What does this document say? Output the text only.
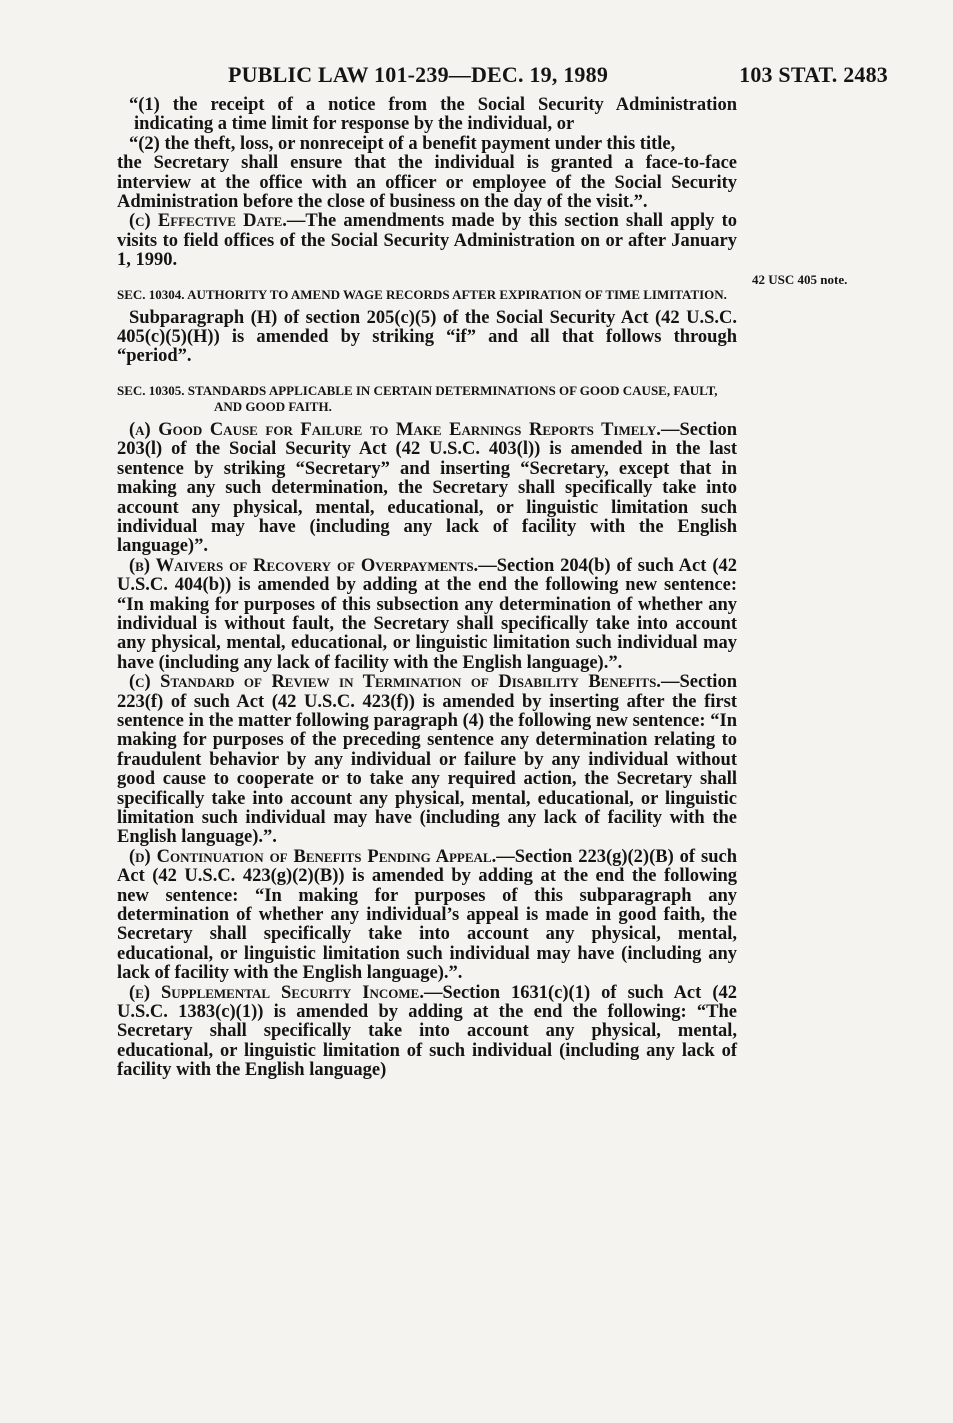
PUBLIC LAW 101-239—DEC. 19, 1989	103 STAT. 2483
42 USC 405 note.

“(1) the receipt of a notice from the Social Security Administration indicating a time limit for response by the individual, or

“(2) the theft, loss, or nonreceipt of a benefit payment under this title,

the Secretary shall ensure that the individual is granted a face-to-face interview at the office with an officer or employee of the Social Security Administration before the close of business on the day of the visit.”.

(c) Effective Date.—The amendments made by this section shall apply to visits to field offices of the Social Security Administration on or after January 1, 1990.

SEC. 10304. AUTHORITY TO AMEND WAGE RECORDS AFTER EXPIRATION OF TIME LIMITATION.

Subparagraph (H) of section 205(c)(5) of the Social Security Act (42 U.S.C. 405(c)(5)(H)) is amended by striking “if” and all that follows through “period”.

SEC. 10305. STANDARDS APPLICABLE IN CERTAIN DETERMINATIONS OF GOOD CAUSE, FAULT, AND GOOD FAITH.

(a) Good Cause for Failure to Make Earnings Reports Timely.—Section 203(l) of the Social Security Act (42 U.S.C. 403(l)) is amended in the last sentence by striking “Secretary” and inserting “Secretary, except that in making any such determination, the Secretary shall specifically take into account any physical, mental, educational, or linguistic limitation such individual may have (including any lack of facility with the English language)”.

(b) Waivers of Recovery of Overpayments.—Section 204(b) of such Act (42 U.S.C. 404(b)) is amended by adding at the end the following new sentence: “In making for purposes of this subsection any determination of whether any individual is without fault, the Secretary shall specifically take into account any physical, mental, educational, or linguistic limitation such individual may have (including any lack of facility with the English language).”.

(c) Standard of Review in Termination of Disability Benefits.—Section 223(f) of such Act (42 U.S.C. 423(f)) is amended by inserting after the first sentence in the matter following paragraph (4) the following new sentence: “In making for purposes of the preceding sentence any determination relating to fraudulent behavior by any individual or failure by any individual without good cause to cooperate or to take any required action, the Secretary shall specifically take into account any physical, mental, educational, or linguistic limitation such individual may have (including any lack of facility with the English language).”.

(d) Continuation of Benefits Pending Appeal.—Section 223(g)(2)(B) of such Act (42 U.S.C. 423(g)(2)(B)) is amended by adding at the end the following new sentence: “In making for purposes of this subparagraph any determination of whether any individual’s appeal is made in good faith, the Secretary shall specifically take into account any physical, mental, educational, or linguistic limitation such individual may have (including any lack of facility with the English language).”.

(e) Supplemental Security Income.—Section 1631(c)(1) of such Act (42 U.S.C. 1383(c)(1)) is amended by adding at the end the following: “The Secretary shall specifically take into account any physical, mental, educational, or linguistic limitation of such individual (including any lack of facility with the English language)
